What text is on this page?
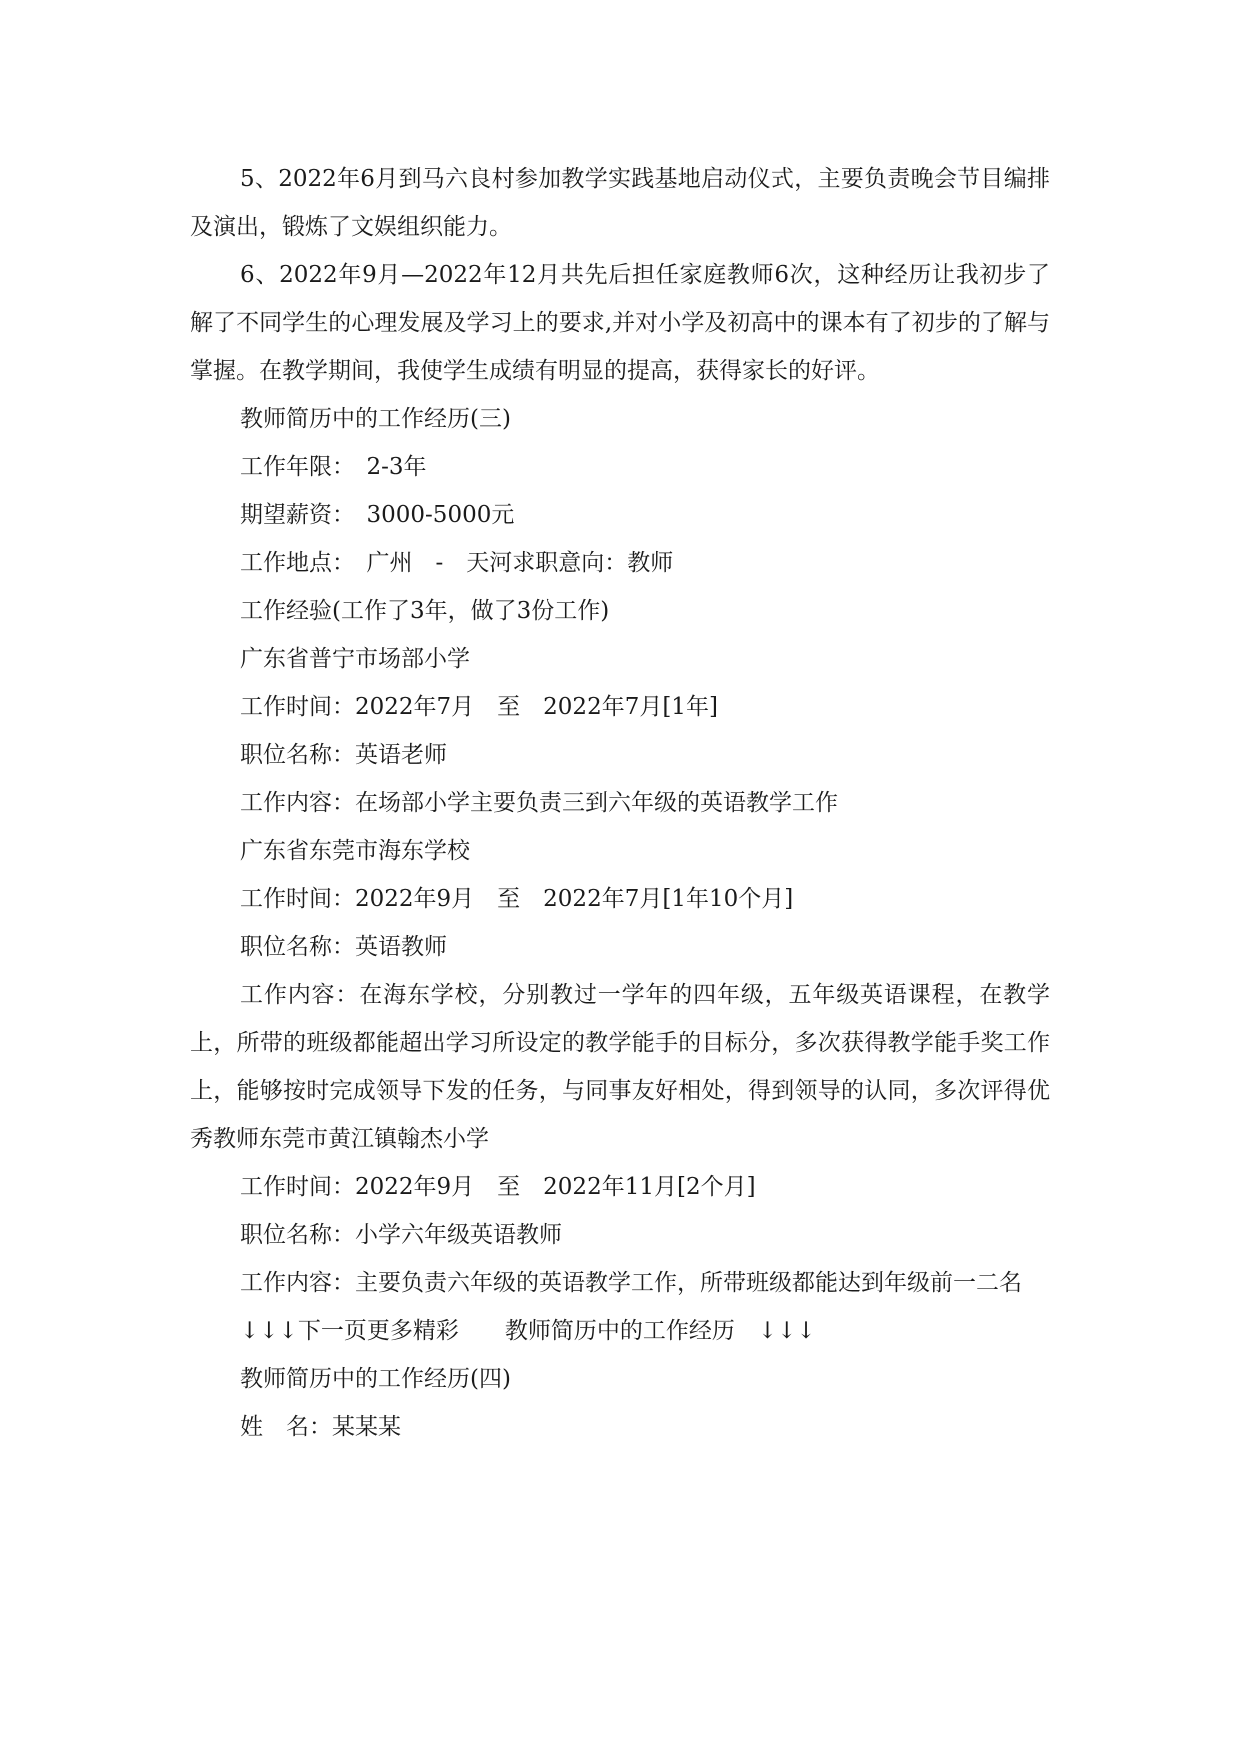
5、2022年6月到马六良村参加教学实践基地启动仪式，主要负责晚会节目编排及演出，锻炼了文娱组织能力。

6、2022年9月—2022年12月共先后担任家庭教师6次，这种经历让我初步了解了不同学生的心理发展及学习上的要求,并对小学及初高中的课本有了初步的了解与掌握。在教学期间，我使学生成绩有明显的提高，获得家长的好评。

教师简历中的工作经历(三)

工作年限：　2-3年

期望薪资：　3000-5000元

工作地点：　广州　-　天河求职意向：教师

工作经验(工作了3年，做了3份工作)

广东省普宁市场部小学

工作时间：2022年7月　至　2022年7月[1年]

职位名称：英语老师

工作内容：在场部小学主要负责三到六年级的英语教学工作

广东省东莞市海东学校

工作时间：2022年9月　至　2022年7月[1年10个月]

职位名称：英语教师

工作内容：在海东学校，分别教过一学年的四年级，五年级英语课程，在教学上，所带的班级都能超出学习所设定的教学能手的目标分，多次获得教学能手奖工作上，能够按时完成领导下发的任务，与同事友好相处，得到领导的认同，多次评得优秀教师东莞市黄江镇翰杰小学

工作时间：2022年9月　至　2022年11月[2个月]

职位名称：小学六年级英语教师

工作内容：主要负责六年级的英语教学工作，所带班级都能达到年级前一二名

↓↓↓下一页更多精彩　　教师简历中的工作经历　↓↓↓

教师简历中的工作经历(四)

姓　名：某某某
